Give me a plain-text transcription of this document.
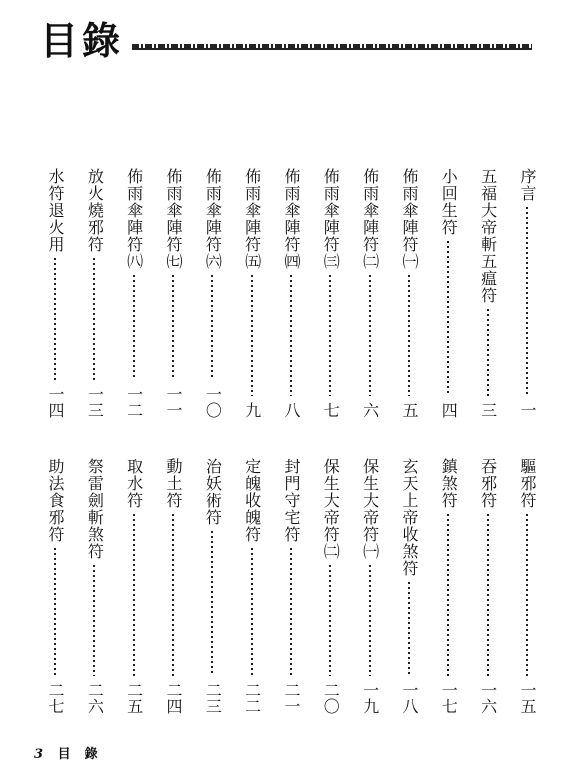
目錄
序言
一
五福大帝斬五瘟符
三
小回生符
四
佈雨傘陣符㈠
五
佈雨傘陣符㈡
六
佈雨傘陣符㈢
七
佈雨傘陣符㈣
八
佈雨傘陣符㈤
九
佈雨傘陣符㈥
一〇
佈雨傘陣符㈦
一一
佈雨傘陣符㈧
一二
放火燒邪符
一三
水符退火用
一四
驅邪符
一五
吞邪符
一六
鎮煞符
一七
玄天上帝收煞符
一八
保生大帝符㈠
一九
保生大帝符㈡
二〇
封門守宅符
二一
定魄收魄符
二二
治妖術符
二三
動土符
二四
取水符
二五
祭雷劍斬煞符
二六
助法食邪符
二七
3 目錄
